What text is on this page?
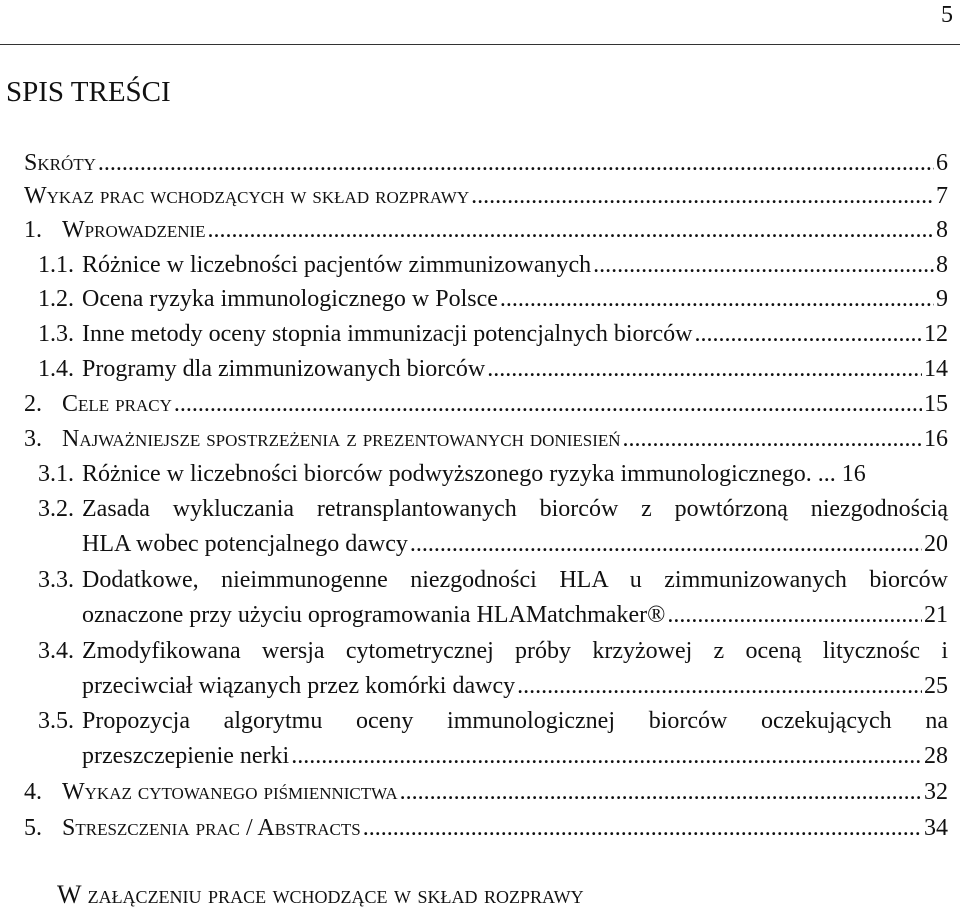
5
SPIS TREŚCI
Skróty .....	6
Wykaz prac wchodzących w skład rozprawy .....	7
1. Wprowadzenie .....	8
1.1. Różnice w liczebności pacjentów zimmunizowanych .....	8
1.2. Ocena ryzyka immunologicznego w Polsce .....	9
1.3. Inne metody oceny stopnia immunizacji potencjalnych biorców .....	12
1.4. Programy dla zimmunizowanych biorców .....	14
2. Cele pracy .....	15
3. Najważniejsze spostrzeżenia z prezentowanych doniesień .....	16
3.1. Różnice w liczebności biorców podwyższonego ryzyka immunologicznego. ... 16
3.2. Zasada wykluczania retransplantowanych biorców z powtórzoną niezgodnością
HLA wobec potencjalnego dawcy .....	20
3.3. Dodatkowe, nieimmunogenne niezgodności HLA u zimmunizowanych biorców
oznaczone przy użyciu oprogramowania HLAMatchmaker® .....	21
3.4. Zmodyfikowana wersja cytometrycznej próby krzyżowej z oceną litycznośc i
przeciwciał wiązanych przez komórki dawcy .....	25
3.5. Propozycja algorytmu oceny immunologicznej biorców oczekujących na
przeszczepienie nerki .....	28
4. Wykaz cytowanego piśmiennictwa .....	32
5. Streszczenia prac / Abstracts .....	34
W załączeniu prace wchodzące w skład rozprawy
